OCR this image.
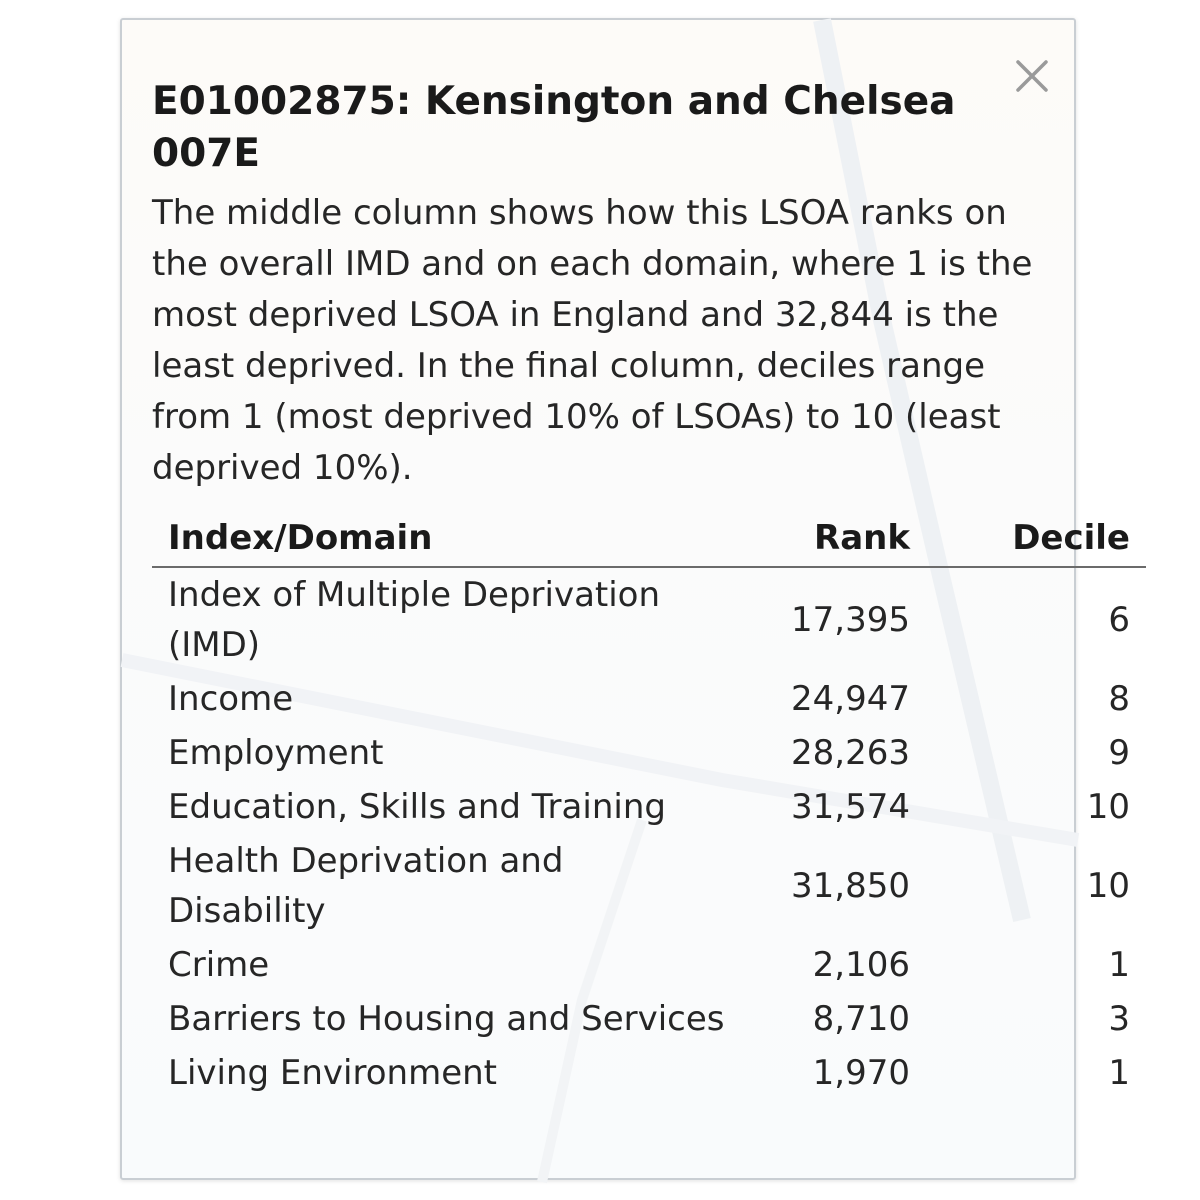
E01002875: Kensington and Chelsea 007E

The middle column shows how this LSOA ranks on the overall IMD and on each domain, where 1 is the most deprived LSOA in England and 32,844 is the least deprived. In the final column, deciles range from 1 (most deprived 10% of LSOAs) to 10 (least deprived 10%).

Index/Domain	Rank	Decile
Index of Multiple Deprivation (IMD)	17,395	6
Income	24,947	8
Employment	28,263	9
Education, Skills and Training	31,574	10
Health Deprivation and Disability	31,850	10
Crime	2,106	1
Barriers to Housing and Services	8,710	3
Living Environment	1,970	1
